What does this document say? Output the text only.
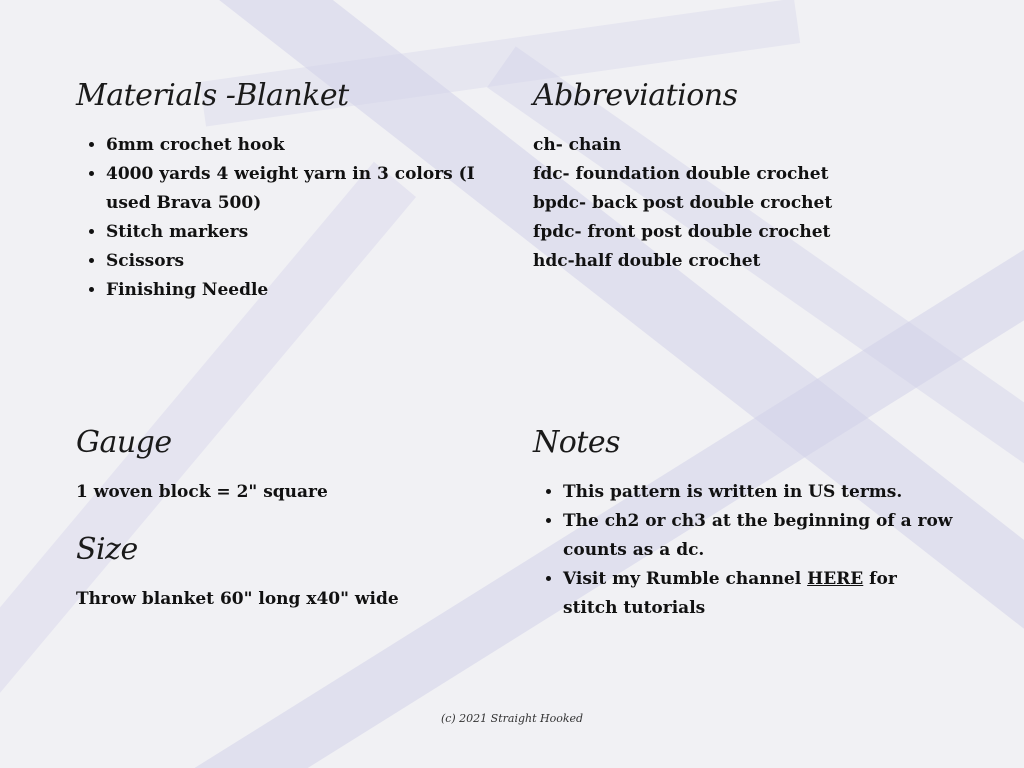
Materials -Blanket
• 6mm crochet hook
• 4000 yards 4 weight yarn in 3 colors (I used Brava 500)
• Stitch markers
• Scissors
• Finishing Needle
Abbreviations

ch- chain

fdc- foundation double crochet

bpdc- back post double crochet

fpdc- front post double crochet

hdc-half double crochet

Gauge

1 woven block = 2" square

Size

Throw blanket 60" long x40" wide

Notes
• This pattern is written in US terms.
• The ch2 or ch3 at the beginning of a row counts as a dc.
• Visit my Rumble channel HERE for stitch tutorials
(c) 2021 Straight Hooked
